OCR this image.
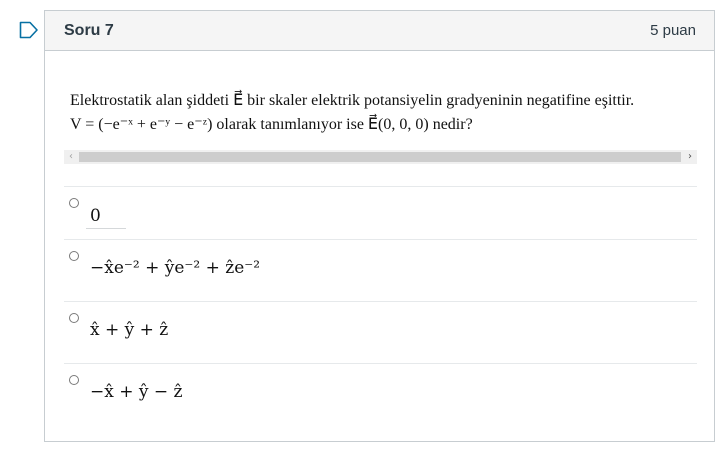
Soru 7	5 puan
Elektrostatik alan şiddeti E⃗ bir skaler elektrik potansiyelin gradyeninin negatifine eşittir.
V = (−e⁻ˣ + e⁻ʸ − e⁻ᶻ) olarak tanımlanıyor ise E⃗(0, 0, 0) nedir?
‹	›
0
−x̂e⁻² + ŷe⁻² + ẑe⁻²
x̂ + ŷ + ẑ
−x̂ + ŷ − ẑ
